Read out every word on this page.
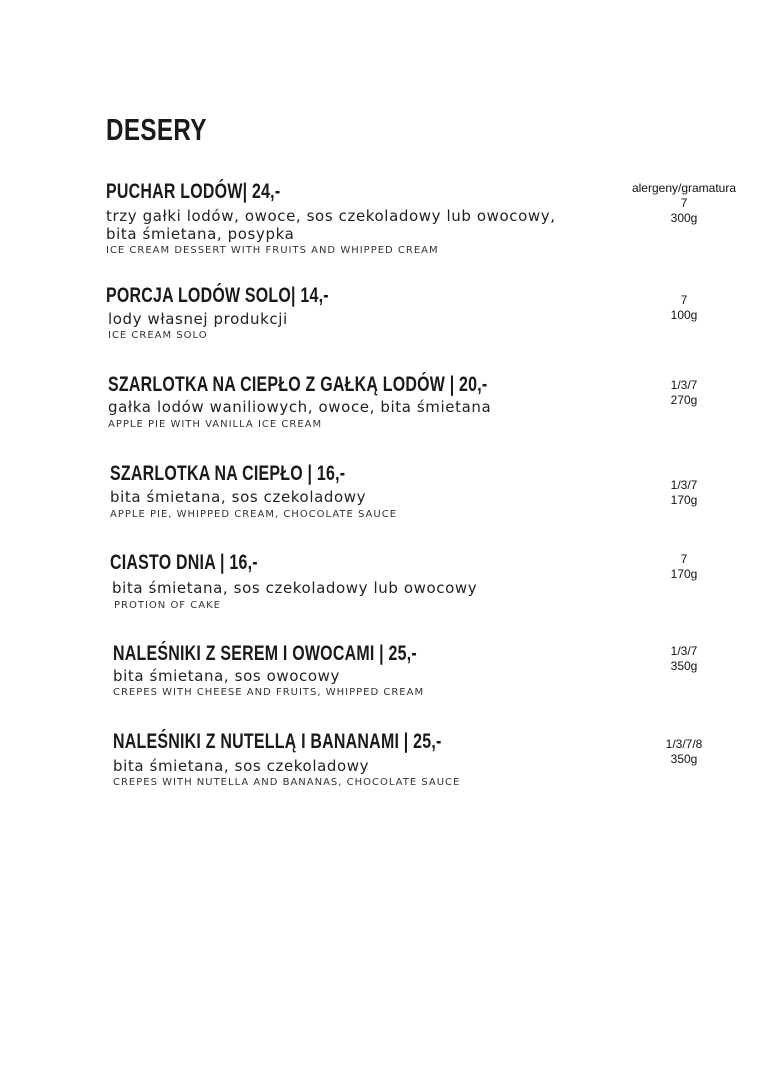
DESERY
alergeny/gramatura
PUCHAR LODÓW| 24,-
trzy gałki lodów, owoce, sos czekoladowy lub owocowy, bita śmietana, posypka
ICE CREAM DESSERT WITH FRUITS AND WHIPPED CREAM
7
300g
PORCJA LODÓW SOLO| 14,-
lody własnej produkcji
ICE CREAM SOLO
7
100g
SZARLOTKA NA CIEPŁO Z GAŁKĄ LODÓW | 20,-
gałka lodów waniliowych, owoce, bita śmietana
APPLE PIE WITH VANILLA ICE CREAM
1/3/7
270g
SZARLOTKA NA CIEPŁO | 16,-
bita śmietana, sos czekoladowy
APPLE PIE, WHIPPED CREAM, CHOCOLATE SAUCE
1/3/7
170g
CIASTO DNIA | 16,-
bita śmietana, sos czekoladowy lub owocowy
PROTION OF CAKE
7
170g
NALEŚNIKI Z SEREM I OWOCAMI | 25,-
bita śmietana, sos owocowy
CREPES WITH CHEESE AND FRUITS, WHIPPED CREAM
1/3/7
350g
NALEŚNIKI Z NUTELLĄ I BANANAMI | 25,-
bita śmietana, sos czekoladowy
CREPES WITH NUTELLA AND BANANAS, CHOCOLATE SAUCE
1/3/7/8
350g
